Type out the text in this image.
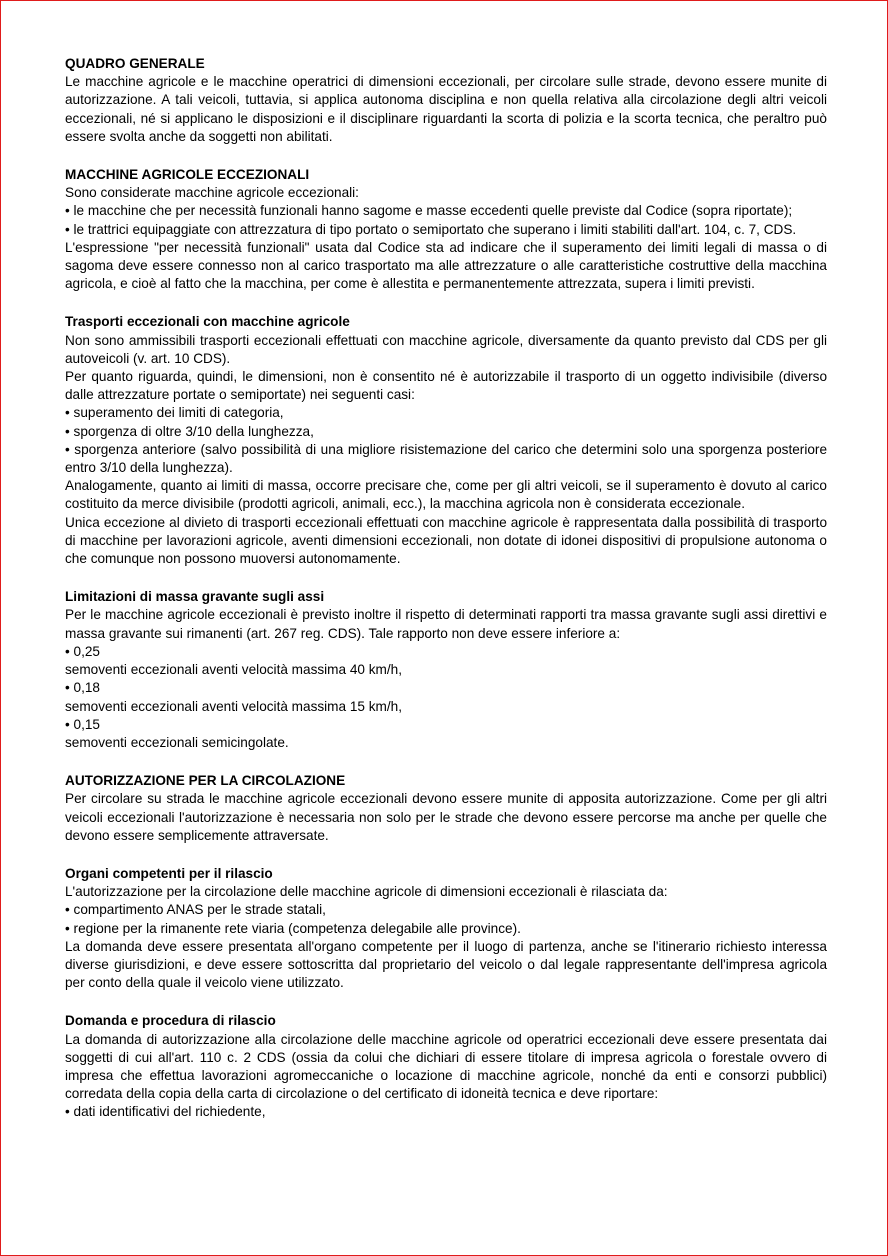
QUADRO GENERALE

Le macchine agricole e le macchine operatrici di dimensioni eccezionali, per circolare sulle strade, devono essere munite di autorizzazione. A tali veicoli, tuttavia, si applica autonoma disciplina e non quella relativa alla circolazione degli altri veicoli eccezionali, né si applicano le disposizioni e il disciplinare riguardanti la scorta di polizia e la scorta tecnica, che peraltro può essere svolta anche da soggetti non abilitati.

MACCHINE AGRICOLE ECCEZIONALI

Sono considerate macchine agricole eccezionali:

• le macchine che per necessità funzionali hanno sagome e masse eccedenti quelle previste dal Codice (sopra riportate);

• le trattrici equipaggiate con attrezzatura di tipo portato o semiportato che superano i limiti stabiliti dall'art. 104, c. 7, CDS.

L'espressione "per necessità funzionali" usata dal Codice sta ad indicare che il superamento dei limiti legali di massa o di sagoma deve essere connesso non al carico trasportato ma alle attrezzature o alle caratteristiche costruttive della macchina agricola, e cioè al fatto che la macchina, per come è allestita e permanentemente attrezzata, supera i limiti previsti.

Trasporti eccezionali con macchine agricole

Non sono ammissibili trasporti eccezionali effettuati con macchine agricole, diversamente da quanto previsto dal CDS per gli autoveicoli (v. art. 10 CDS).

Per quanto riguarda, quindi, le dimensioni, non è consentito né è autorizzabile il trasporto di un oggetto indivisibile (diverso dalle attrezzature portate o semiportate) nei seguenti casi:

• superamento dei limiti di categoria,

• sporgenza di oltre 3/10 della lunghezza,

• sporgenza anteriore (salvo possibilità di una migliore risistemazione del carico che determini solo una sporgenza posteriore entro 3/10 della lunghezza).

Analogamente, quanto ai limiti di massa, occorre precisare che, come per gli altri veicoli, se il superamento è dovuto al carico costituito da merce divisibile (prodotti agricoli, animali, ecc.), la macchina agricola non è considerata eccezionale.

Unica eccezione al divieto di trasporti eccezionali effettuati con macchine agricole è rappresentata dalla possibilità di trasporto di macchine per lavorazioni agricole, aventi dimensioni eccezionali, non dotate di idonei dispositivi di propulsione autonoma o che comunque non possono muoversi autonomamente.

Limitazioni di massa gravante sugli assi

Per le macchine agricole eccezionali è previsto inoltre il rispetto di determinati rapporti tra massa gravante sugli assi direttivi e massa gravante sui rimanenti (art. 267 reg. CDS). Tale rapporto non deve essere inferiore a:

• 0,25

semoventi eccezionali aventi velocità massima 40 km/h,

• 0,18

semoventi eccezionali aventi velocità massima 15 km/h,

• 0,15

semoventi eccezionali semicingolate.

AUTORIZZAZIONE PER LA CIRCOLAZIONE

Per circolare su strada le macchine agricole eccezionali devono essere munite di apposita autorizzazione. Come per gli altri veicoli eccezionali l'autorizzazione è necessaria non solo per le strade che devono essere percorse ma anche per quelle che devono essere semplicemente attraversate.

Organi competenti per il rilascio

L'autorizzazione per la circolazione delle macchine agricole di dimensioni eccezionali è rilasciata da:

• compartimento ANAS per le strade statali,

• regione per la rimanente rete viaria (competenza delegabile alle province).

La domanda deve essere presentata all'organo competente per il luogo di partenza, anche se l'itinerario richiesto interessa diverse giurisdizioni, e deve essere sottoscritta dal proprietario del veicolo o dal legale rappresentante dell'impresa agricola per conto della quale il veicolo viene utilizzato.

Domanda e procedura di rilascio

La domanda di autorizzazione alla circolazione delle macchine agricole od operatrici eccezionali deve essere presentata dai soggetti di cui all'art. 110 c. 2 CDS (ossia da colui che dichiari di essere titolare di impresa agricola o forestale ovvero di impresa che effettua lavorazioni agromeccaniche o locazione di macchine agricole, nonché da enti e consorzi pubblici) corredata della copia della carta di circolazione o del certificato di idoneità tecnica e deve riportare:

• dati identificativi del richiedente,
